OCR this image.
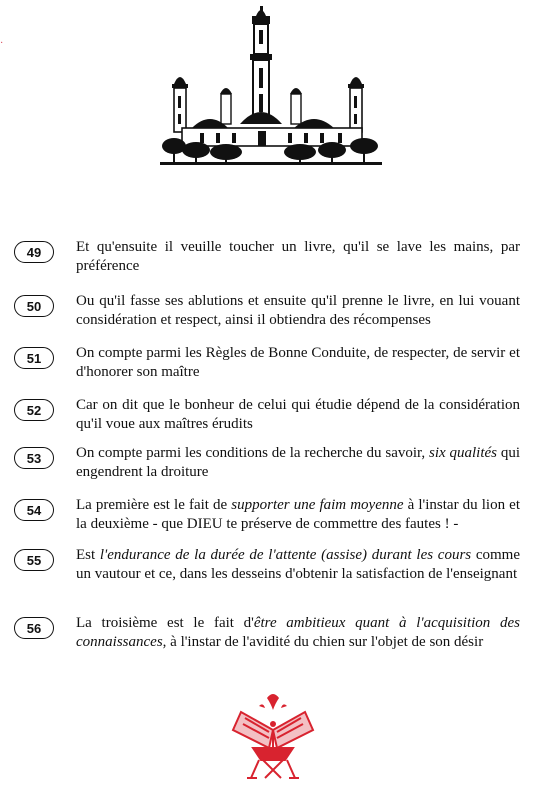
49	Et qu'ensuite il veuille toucher un livre, qu'il se lave les mains, par préférence
50	Ou qu'il fasse ses ablutions et ensuite qu'il prenne le livre, en lui vouant considération et respect, ainsi il obtiendra des récompenses
51	On compte parmi les Règles de Bonne Conduite, de respecter, de servir et d'honorer son maître
52	Car on dit que le bonheur de celui qui étudie dépend de la considération qu'il voue aux maîtres érudits
53	On compte parmi les conditions de la recherche du savoir, six qualités qui engendrent la droiture
54	La première est le fait de supporter une faim moyenne à l'instar du lion et la deuxième - que DIEU te préserve de commettre des fautes ! -
55	Est l'endurance de la durée de l'attente (assise) durant les cours comme un vautour et ce, dans les desseins d'obtenir la satisfaction de l'enseignant
56	La troisième est le fait d'être ambitieux quant à l'acquisition des connaissances, à l'instar de l'avidité du chien sur l'objet de son désir
·
